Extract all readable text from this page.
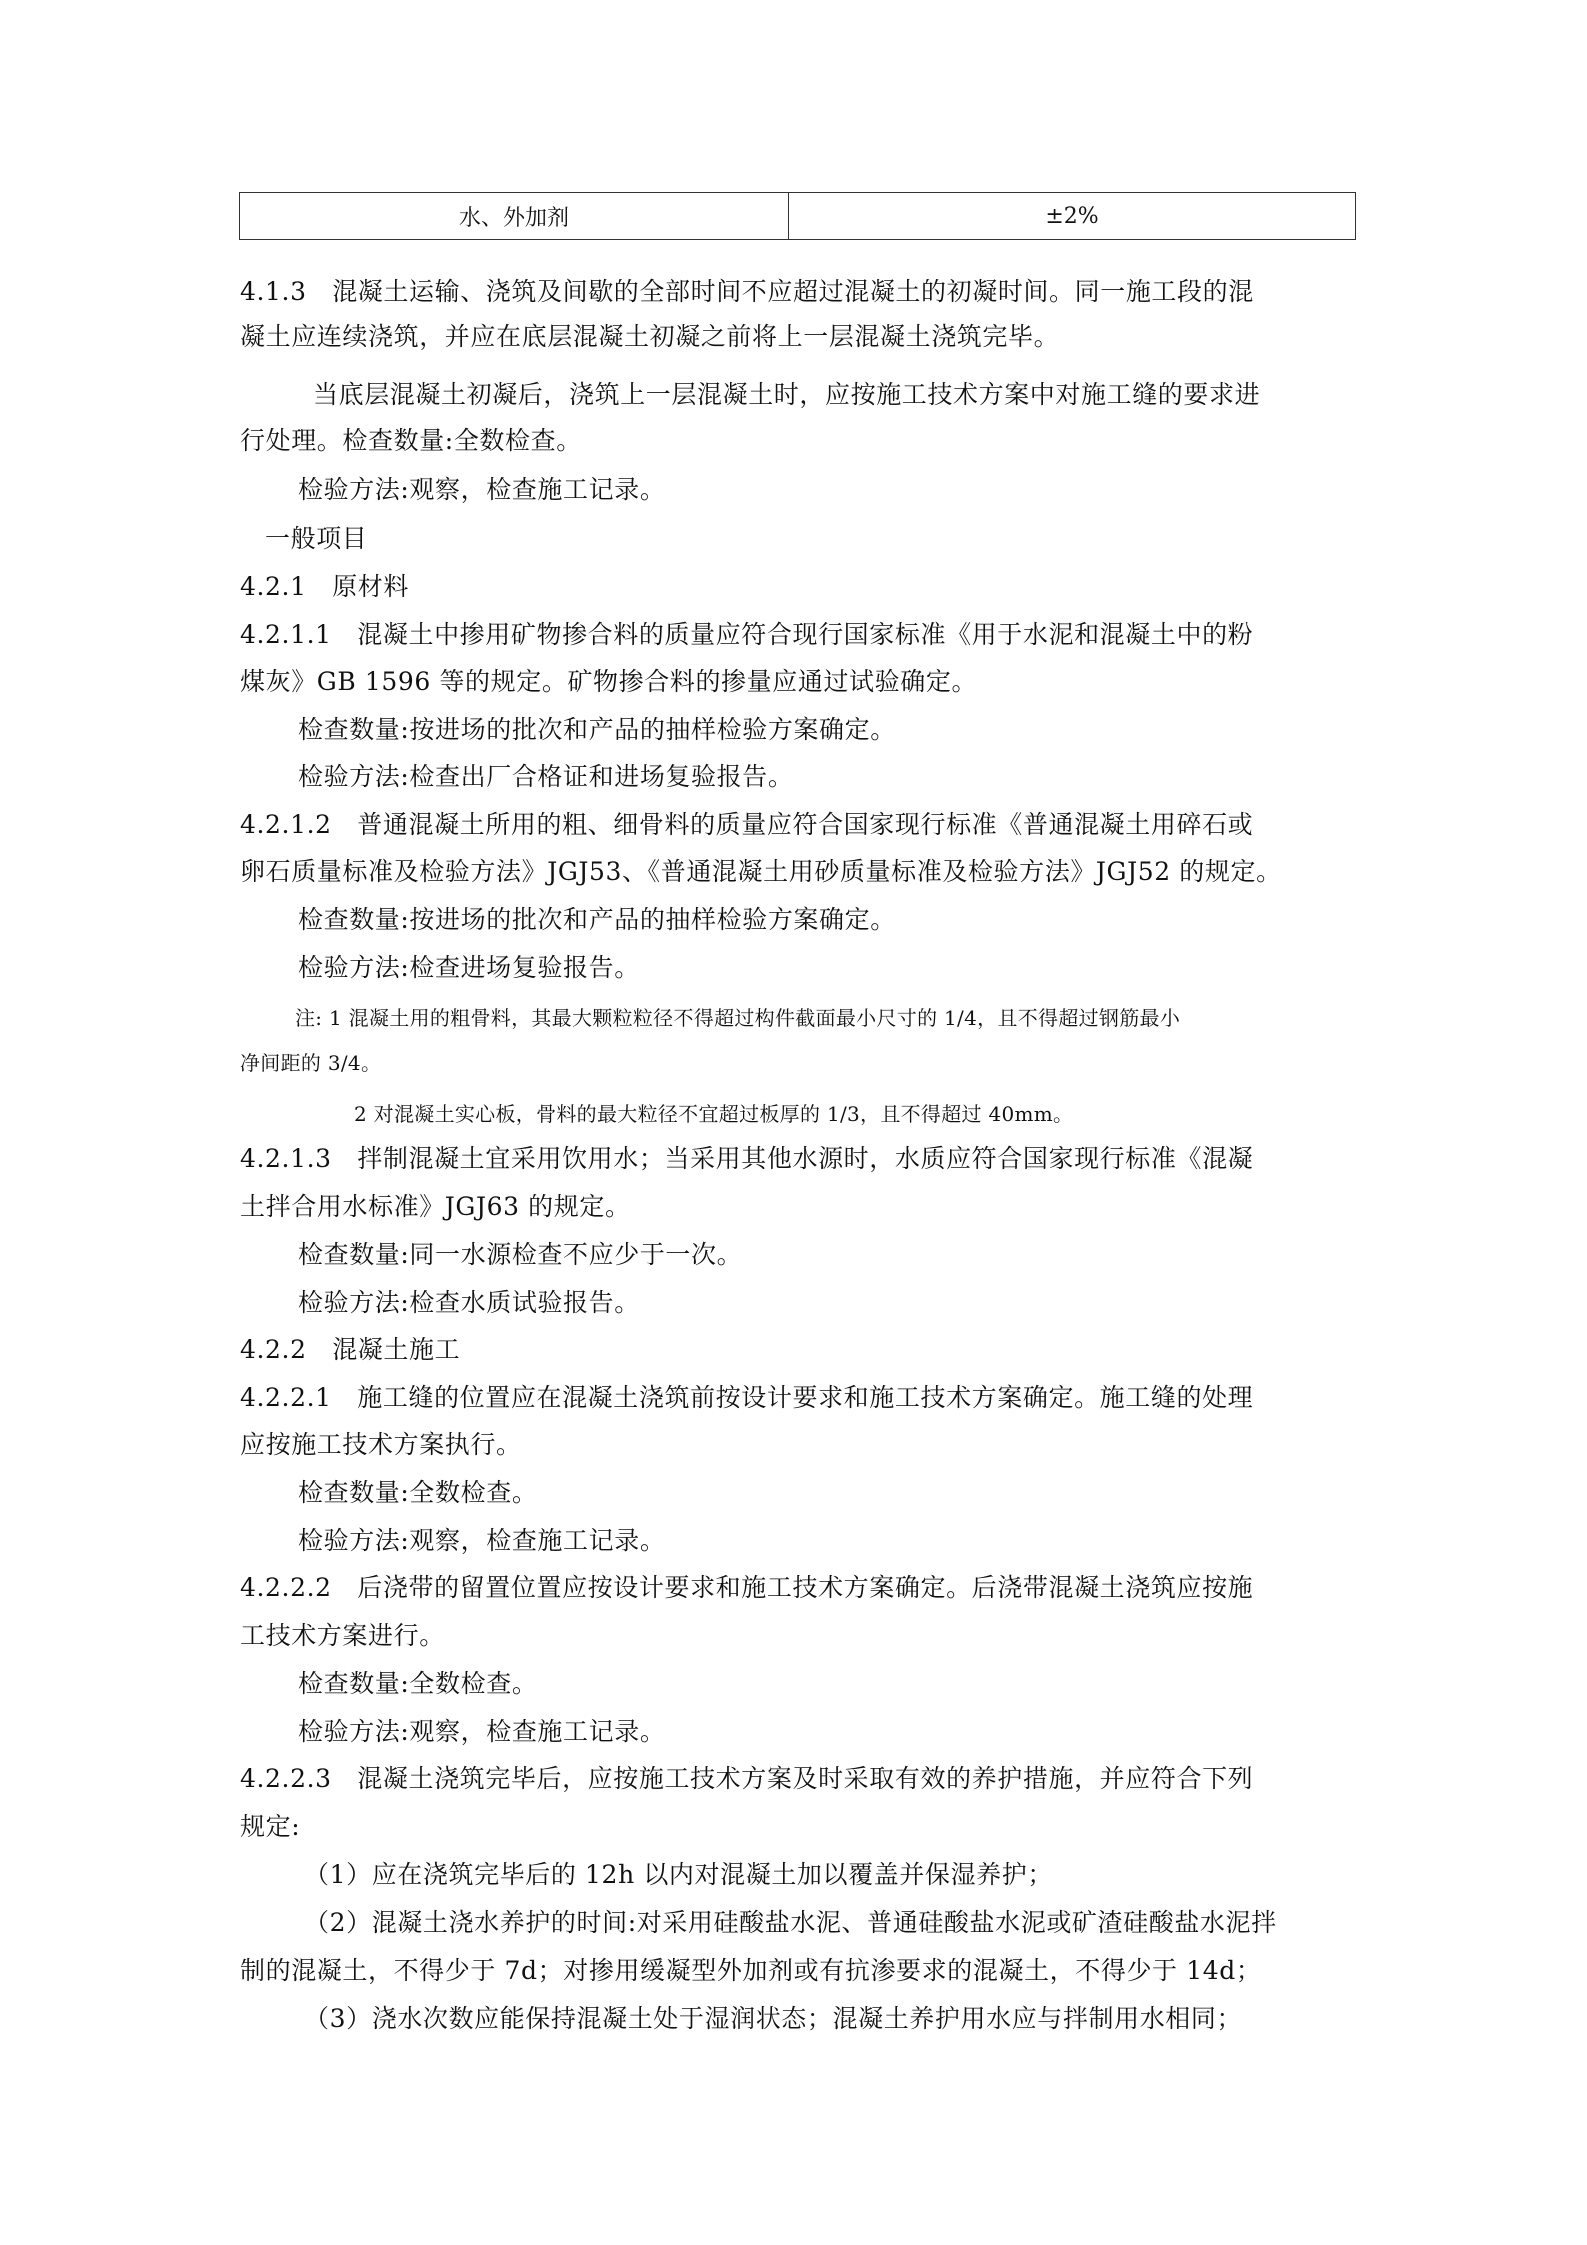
水、外加剂	±2%
4.1.3　混凝土运输、浇筑及间歇的全部时间不应超过混凝土的初凝时间。同一施工段的混
凝土应连续浇筑，并应在底层混凝土初凝之前将上一层混凝土浇筑完毕。
当底层混凝土初凝后，浇筑上一层混凝土时，应按施工技术方案中对施工缝的要求进
行处理。检查数量:全数检查。
检验方法:观察，检查施工记录。
一般项目
4.2.1　原材料
4.2.1.1　混凝土中掺用矿物掺合料的质量应符合现行国家标准《用于水泥和混凝土中的粉
煤灰》GB 1596 等的规定。矿物掺合料的掺量应通过试验确定。
检查数量:按进场的批次和产品的抽样检验方案确定。
检验方法:检查出厂合格证和进场复验报告。
4.2.1.2　普通混凝土所用的粗、细骨料的质量应符合国家现行标准《普通混凝土用碎石或
卵石质量标准及检验方法》JGJ53、《普通混凝土用砂质量标准及检验方法》JGJ52 的规定。
检查数量:按进场的批次和产品的抽样检验方案确定。
检验方法:检查进场复验报告。
注: 1 混凝土用的粗骨料，其最大颗粒粒径不得超过构件截面最小尺寸的 1/4，且不得超过钢筋最小
净间距的 3/4。
2 对混凝土实心板，骨料的最大粒径不宜超过板厚的 1/3，且不得超过 40mm。
4.2.1.3　拌制混凝土宜采用饮用水；当采用其他水源时，水质应符合国家现行标准《混凝
土拌合用水标准》JGJ63 的规定。
检查数量:同一水源检查不应少于一次。
检验方法:检查水质试验报告。
4.2.2　混凝土施工
4.2.2.1　施工缝的位置应在混凝土浇筑前按设计要求和施工技术方案确定。施工缝的处理
应按施工技术方案执行。
检查数量:全数检查。
检验方法:观察，检查施工记录。
4.2.2.2　后浇带的留置位置应按设计要求和施工技术方案确定。后浇带混凝土浇筑应按施
工技术方案进行。
检查数量:全数检查。
检验方法:观察，检查施工记录。
4.2.2.3　混凝土浇筑完毕后，应按施工技术方案及时采取有效的养护措施，并应符合下列
规定:
（1）应在浇筑完毕后的 12h 以内对混凝土加以覆盖并保湿养护；
（2）混凝土浇水养护的时间:对采用硅酸盐水泥、普通硅酸盐水泥或矿渣硅酸盐水泥拌
制的混凝土，不得少于 7d；对掺用缓凝型外加剂或有抗渗要求的混凝土，不得少于 14d；
（3）浇水次数应能保持混凝土处于湿润状态；混凝土养护用水应与拌制用水相同；
